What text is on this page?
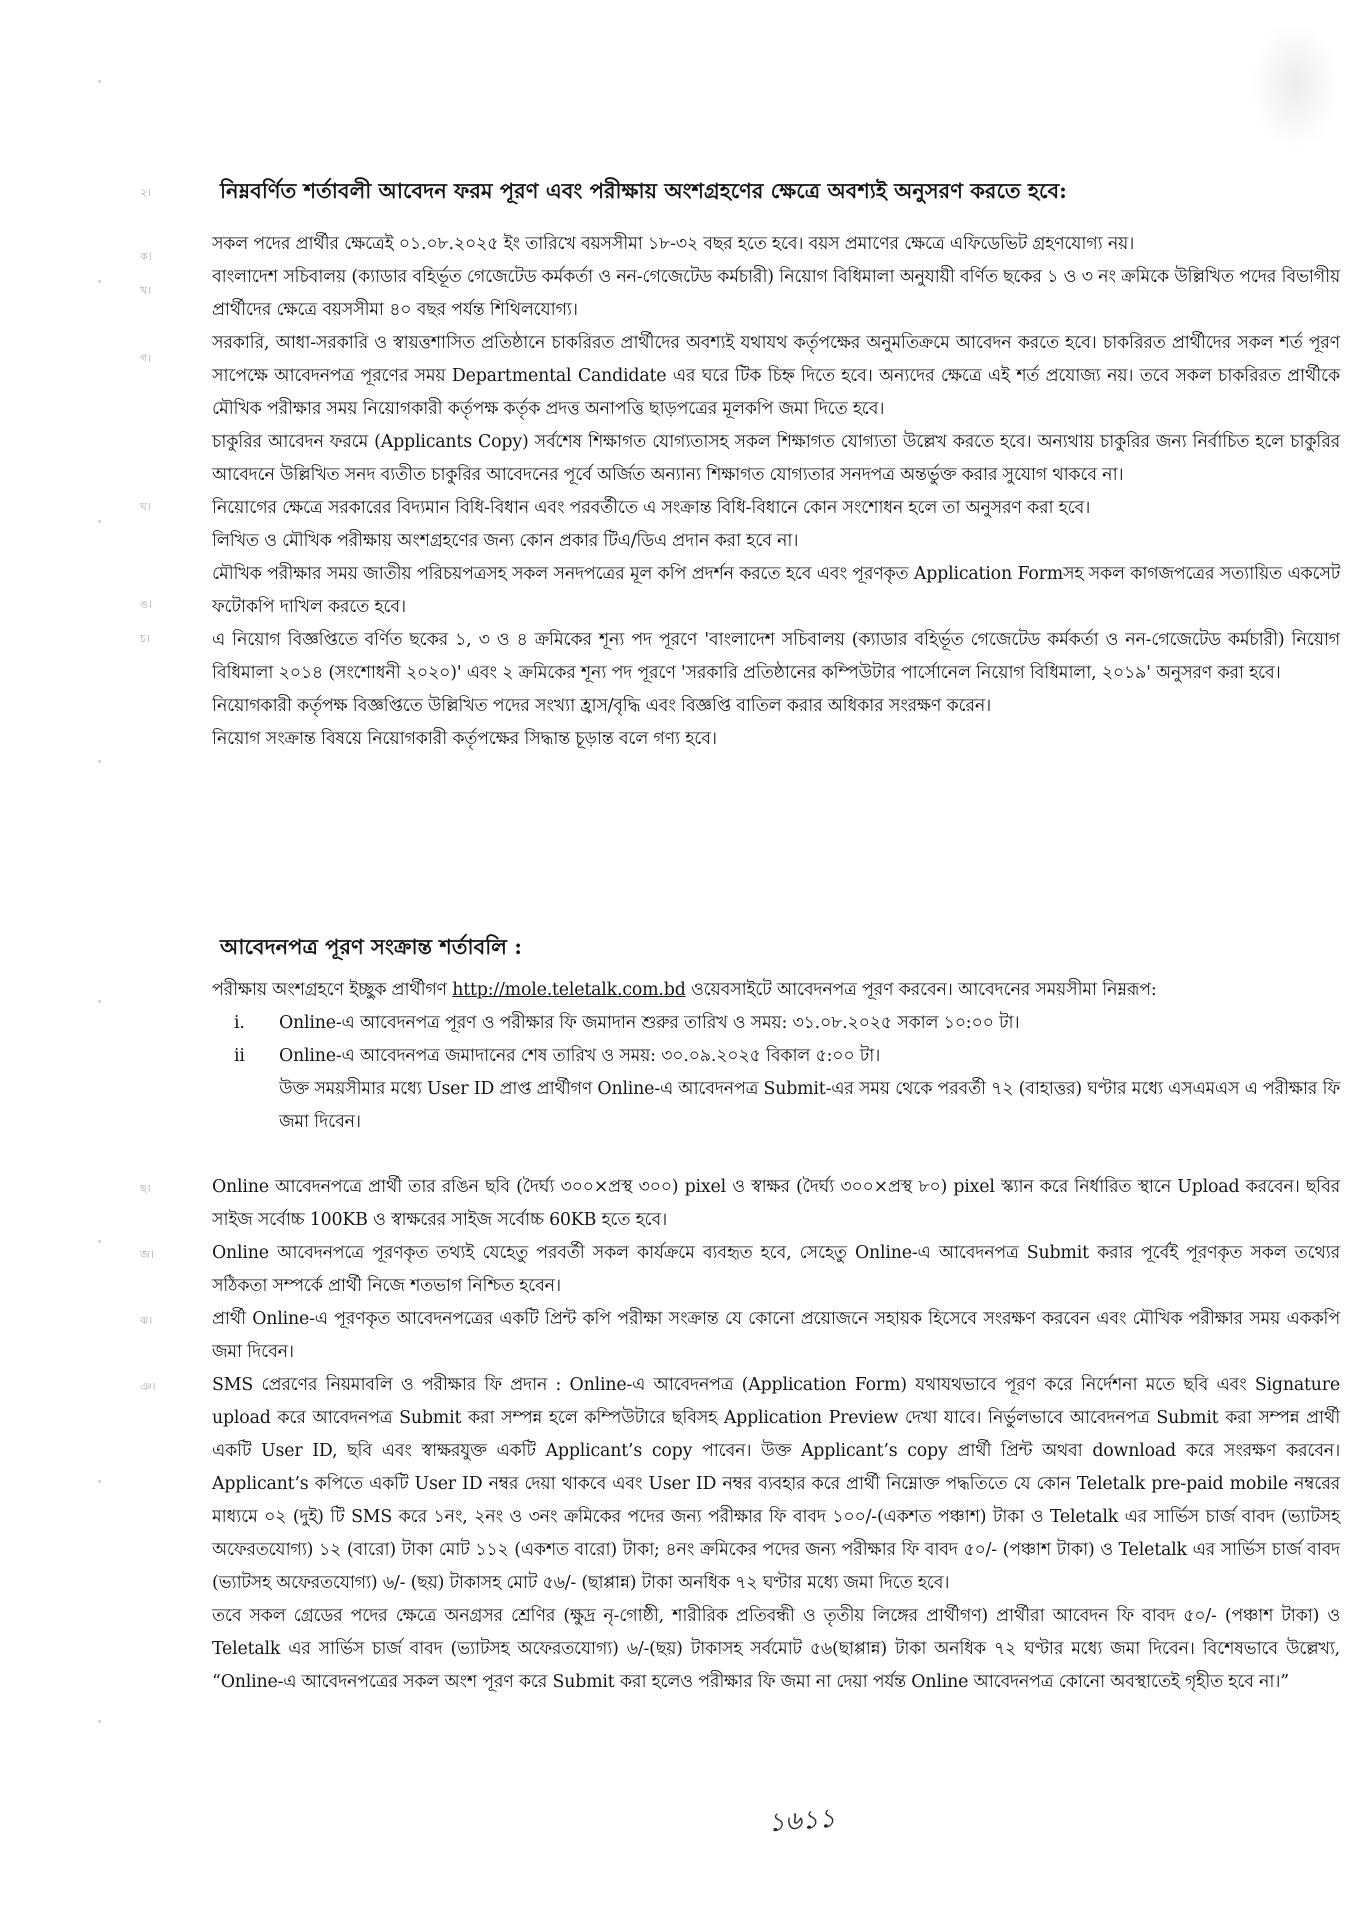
২।
ক।
খ।
গ।
ঘ।
ঙ।
চ।
ছ।
জ।
ঝ।
ঞ।
নিম্নবর্ণিত শর্তাবলী আবেদন ফরম পূরণ এবং পরীক্ষায় অংশগ্রহণের ক্ষেত্রে অবশ্যই অনুসরণ করতে হবে:

সকল পদের প্রার্থীর ক্ষেত্রেই ০১.০৮.২০২৫ ইং তারিখে বয়সসীমা ১৮-৩২ বছর হতে হবে। বয়স প্রমাণের ক্ষেত্রে এফিডেভিট গ্রহণযোগ্য নয়।

বাংলাদেশ সচিবালয় (ক্যাডার বহির্ভূত গেজেটেড কর্মকর্তা ও নন-গেজেটেড কর্মচারী) নিয়োগ বিধিমালা অনুযায়ী বর্ণিত ছকের ১ ও ৩ নং ক্রমিকে উল্লিখিত পদের বিভাগীয় প্রার্থীদের ক্ষেত্রে বয়সসীমা ৪০ বছর পর্যন্ত শিথিলযোগ্য।

সরকারি, আধা-সরকারি ও স্বায়ত্তশাসিত প্রতিষ্ঠানে চাকরিরত প্রার্থীদের অবশ্যই যথাযথ কর্তৃপক্ষের অনুমতিক্রমে আবেদন করতে হবে। চাকরিরত প্রার্থীদের সকল শর্ত পূরণ সাপেক্ষে আবেদনপত্র পূরণের সময় Departmental Candidate এর ঘরে টিক চিহ্ন দিতে হবে। অন্যদের ক্ষেত্রে এই শর্ত প্রযোজ্য নয়। তবে সকল চাকরিরত প্রার্থীকে মৌখিক পরীক্ষার সময় নিয়োগকারী কর্তৃপক্ষ কর্তৃক প্রদত্ত অনাপত্তি ছাড়পত্রের মূলকপি জমা দিতে হবে।

চাকুরির আবেদন ফরমে (Applicants Copy) সর্বশেষ শিক্ষাগত যোগ্যতাসহ সকল শিক্ষাগত যোগ্যতা উল্লেখ করতে হবে। অন্যথায় চাকুরির জন্য নির্বাচিত হলে চাকুরির আবেদনে উল্লিখিত সনদ ব্যতীত চাকুরির আবেদনের পূর্বে অর্জিত অন্যান্য শিক্ষাগত যোগ্যতার সনদপত্র অন্তর্ভুক্ত করার সুযোগ থাকবে না।

নিয়োগের ক্ষেত্রে সরকারের বিদ্যমান বিধি-বিধান এবং পরবর্তীতে এ সংক্রান্ত বিধি-বিধানে কোন সংশোধন হলে তা অনুসরণ করা হবে।

লিখিত ও মৌখিক পরীক্ষায় অংশগ্রহণের জন্য কোন প্রকার টিএ/ডিএ প্রদান করা হবে না।

মৌখিক পরীক্ষার সময় জাতীয় পরিচয়পত্রসহ সকল সনদপত্রের মূল কপি প্রদর্শন করতে হবে এবং পূরণকৃত Application Formসহ সকল কাগজপত্রের সত্যায়িত একসেট ফটোকপি দাখিল করতে হবে।

এ নিয়োগ বিজ্ঞপ্তিতে বর্ণিত ছকের ১, ৩ ও ৪ ক্রমিকের শূন্য পদ পূরণে 'বাংলাদেশ সচিবালয় (ক্যাডার বহির্ভূত গেজেটেড কর্মকর্তা ও নন-গেজেটেড কর্মচারী) নিয়োগ বিধিমালা ২০১৪ (সংশোধনী ২০২০)' এবং ২ ক্রমিকের শূন্য পদ পূরণে 'সরকারি প্রতিষ্ঠানের কম্পিউটার পার্সোনেল নিয়োগ বিধিমালা, ২০১৯' অনুসরণ করা হবে।

নিয়োগকারী কর্তৃপক্ষ বিজ্ঞপ্তিতে উল্লিখিত পদের সংখ্যা হ্রাস/বৃদ্ধি এবং বিজ্ঞপ্তি বাতিল করার অধিকার সংরক্ষণ করেন।

নিয়োগ সংক্রান্ত বিষয়ে নিয়োগকারী কর্তৃপক্ষের সিদ্ধান্ত চূড়ান্ত বলে গণ্য হবে।

আবেদনপত্র পূরণ সংক্রান্ত শর্তাবলি :

পরীক্ষায় অংশগ্রহণে ইচ্ছুক প্রার্থীগণ http://mole.teletalk.com.bd ওয়েবসাইটে আবেদনপত্র পূরণ করবেন। আবেদনের সময়সীমা নিম্নরূপ:

i.	Online-এ আবেদনপত্র পূরণ ও পরীক্ষার ফি জমাদান শুরুর তারিখ ও সময়: ৩১.০৮.২০২৫ সকাল ১০:০০ টা।
ii	Online-এ আবেদনপত্র জমাদানের শেষ তারিখ ও সময়: ৩০.০৯.২০২৫ বিকাল ৫:০০ টা।

উক্ত সময়সীমার মধ্যে User ID প্রাপ্ত প্রার্থীগণ Online-এ আবেদনপত্র Submit-এর সময় থেকে পরবর্তী ৭২ (বাহাত্তর) ঘণ্টার মধ্যে এসএমএস এ পরীক্ষার ফি জমা দিবেন।

Online আবেদনপত্রে প্রার্থী তার রঙিন ছবি (দৈর্ঘ্য ৩০০×প্রস্থ ৩০০) pixel ও স্বাক্ষর (দৈর্ঘ্য ৩০০×প্রস্থ ৮০) pixel স্ক্যান করে নির্ধারিত স্থানে Upload করবেন। ছবির সাইজ সর্বোচ্চ 100KB ও স্বাক্ষরের সাইজ সর্বোচ্চ 60KB হতে হবে।

Online আবেদনপত্রে পূরণকৃত তথ্যই যেহেতু পরবর্তী সকল কার্যক্রমে ব্যবহৃত হবে, সেহেতু Online-এ আবেদনপত্র Submit করার পূর্বেই পূরণকৃত সকল তথ্যের সঠিকতা সম্পর্কে প্রার্থী নিজে শতভাগ নিশ্চিত হবেন।

প্রার্থী Online-এ পূরণকৃত আবেদনপত্রের একটি প্রিন্ট কপি পরীক্ষা সংক্রান্ত যে কোনো প্রয়োজনে সহায়ক হিসেবে সংরক্ষণ করবেন এবং মৌখিক পরীক্ষার সময় এককপি জমা দিবেন।

SMS প্রেরণের নিয়মাবলি ও পরীক্ষার ফি প্রদান : Online-এ আবেদনপত্র (Application Form) যথাযথভাবে পূরণ করে নির্দেশনা মতে ছবি এবং Signature upload করে আবেদনপত্র Submit করা সম্পন্ন হলে কম্পিউটারে ছবিসহ Application Preview দেখা যাবে। নির্ভুলভাবে আবেদনপত্র Submit করা সম্পন্ন প্রার্থী একটি User ID, ছবি এবং স্বাক্ষরযুক্ত একটি Applicant’s copy পাবেন। উক্ত Applicant’s copy প্রার্থী প্রিন্ট অথবা download করে সংরক্ষণ করবেন। Applicant’s কপিতে একটি User ID নম্বর দেয়া থাকবে এবং User ID নম্বর ব্যবহার করে প্রার্থী নিম্নোক্ত পদ্ধতিতে যে কোন Teletalk pre-paid mobile নম্বরের মাধ্যমে ০২ (দুই) টি SMS করে ১নং, ২নং ও ৩নং ক্রমিকের পদের জন্য পরীক্ষার ফি বাবদ ১০০/-(একশত পঞ্চাশ) টাকা ও Teletalk এর সার্ভিস চার্জ বাবদ (ভ্যাটসহ অফেরতযোগ্য) ১২ (বারো) টাকা মোট ১১২ (একশত বারো) টাকা; ৪নং ক্রমিকের পদের জন্য পরীক্ষার ফি বাবদ ৫০/- (পঞ্চাশ টাকা) ও Teletalk এর সার্ভিস চার্জ বাবদ (ভ্যাটসহ অফেরতযোগ্য) ৬/- (ছয়) টাকাসহ মোট ৫৬/- (ছাপ্পান্ন) টাকা অনধিক ৭২ ঘণ্টার মধ্যে জমা দিতে হবে।

তবে সকল গ্রেডের পদের ক্ষেত্রে অনগ্রসর শ্রেণির (ক্ষুদ্র নৃ-গোষ্ঠী, শারীরিক প্রতিবন্ধী ও তৃতীয় লিঙ্গের প্রার্থীগণ) প্রার্থীরা আবেদন ফি বাবদ ৫০/- (পঞ্চাশ টাকা) ও Teletalk এর সার্ভিস চার্জ বাবদ (ভ্যাটসহ অফেরতযোগ্য) ৬/-(ছয়) টাকাসহ সর্বমোট ৫৬(ছাপ্পান্ন) টাকা অনধিক ৭২ ঘণ্টার মধ্যে জমা দিবেন। বিশেষভাবে উল্লেখ্য, “Online-এ আবেদনপত্রের সকল অংশ পূরণ করে Submit করা হলেও পরীক্ষার ফি জমা না দেয়া পর্যন্ত Online আবেদনপত্র কোনো অবস্থাতেই গৃহীত হবে না।”

১৬১১
